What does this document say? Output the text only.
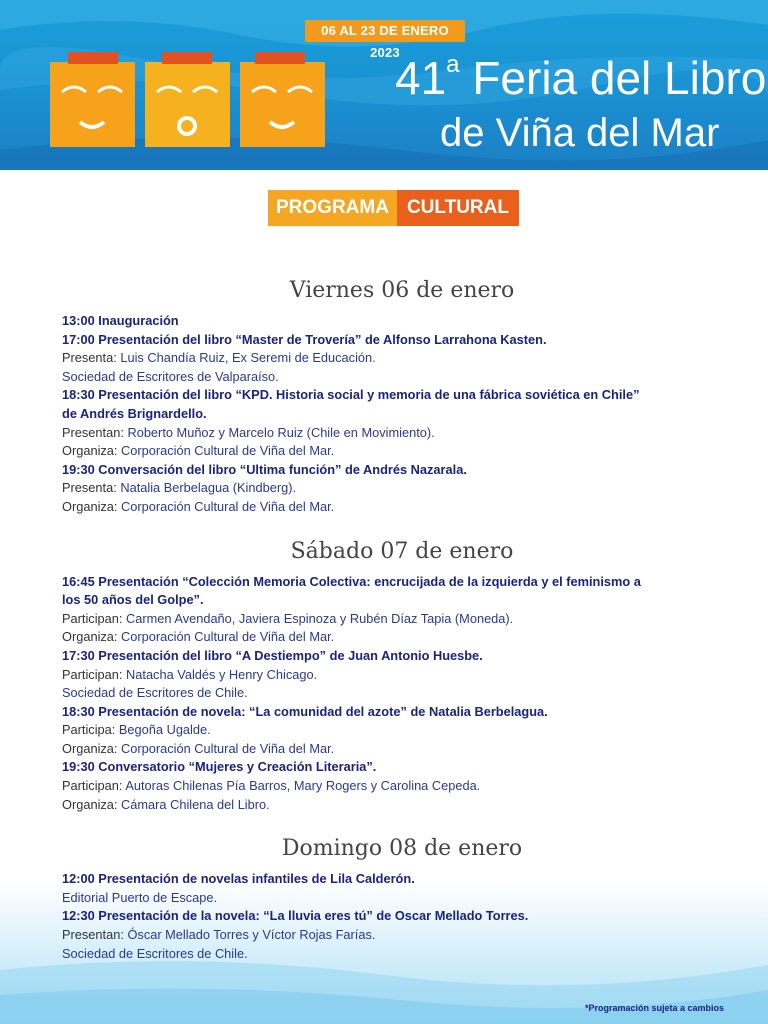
06 AL 23 DE ENERO 2023
41$^a$ Feria del Libro
de Viña del Mar
PROGRAMA CULTURAL
Viernes 06 de enero
13:00 Inauguración
17:00 Presentación del libro “Master de Trovería” de Alfonso Larrahona Kasten.
Presenta: Luis Chandía Ruiz, Ex Seremi de Educación.
Sociedad de Escritores de Valparaíso.
18:30 Presentación del libro “KPD. Historia social y memoria de una fábrica soviética en Chile”
de Andrés Brignardello.
Presentan: Roberto Muñoz y Marcelo Ruiz (Chile en Movimiento).
Organiza: Corporación Cultural de Viña del Mar.
19:30 Conversación del libro “Ultima función” de Andrés Nazarala.
Presenta: Natalia Berbelagua (Kindberg).
Organiza: Corporación Cultural de Viña del Mar.
Sábado 07 de enero
16:45 Presentación “Colección Memoria Colectiva: encrucijada de la izquierda y el feminismo a
los 50 años del Golpe”.
Participan: Carmen Avendaño, Javiera Espinoza y Rubén Díaz Tapia (Moneda).
Organiza: Corporación Cultural de Viña del Mar.
17:30 Presentación del libro “A Destiempo” de Juan Antonio Huesbe.
Participan: Natacha Valdés y Henry Chicago.
Sociedad de Escritores de Chile.
18:30 Presentación de novela: “La comunidad del azote” de Natalia Berbelagua.
Participa: Begoña Ugalde.
Organiza: Corporación Cultural de Viña del Mar.
19:30 Conversatorio “Mujeres y Creación Literaria”.
Participan: Autoras Chilenas Pía Barros, Mary Rogers y Carolina Cepeda.
Organiza: Cámara Chilena del Libro.
Domingo 08 de enero
12:00 Presentación de novelas infantiles de Lila Calderón.
Editorial Puerto de Escape.
12:30 Presentación de la novela: “La lluvia eres tú” de Oscar Mellado Torres.
Presentan: Óscar Mellado Torres y Víctor Rojas Farías.
Sociedad de Escritores de Chile.
*Programación sujeta a cambios
